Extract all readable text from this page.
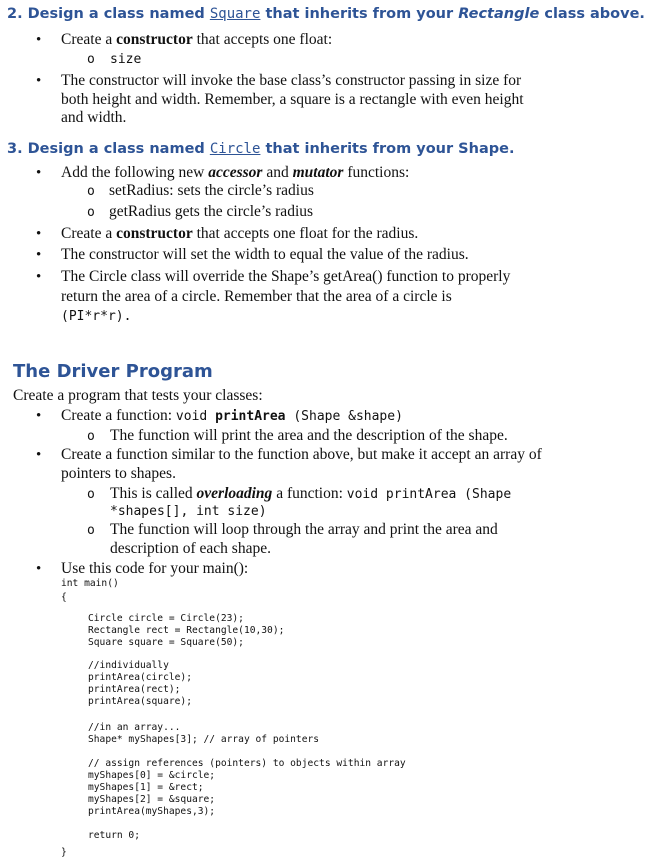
2. Design a class named Square that inherits from your Rectangle class above.
• Create a constructor that accepts one float:
o size
• The constructor will invoke the base class’s constructor passing in size for
both height and width. Remember, a square is a rectangle with even height
and width.
3. Design a class named Circle that inherits from your Shape.
• Add the following new accessor and mutator functions:
o setRadius: sets the circle’s radius
o getRadius gets the circle’s radius
• Create a constructor that accepts one float for the radius.
• The constructor will set the width to equal the value of the radius.
• The Circle class will override the Shape’s getArea() function to properly
return the area of a circle. Remember that the area of a circle is
(PI*r*r).
The Driver Program
Create a program that tests your classes:
• Create a function: void printArea (Shape &shape)
o The function will print the area and the description of the shape.
• Create a function similar to the function above, but make it accept an array of
pointers to shapes.
o This is called overloading a function: void printArea (Shape
*shapes[], int size)
o The function will loop through the array and print the area and
description of each shape.
• Use this code for your main():
int main()
{
Circle circle = Circle(23);
Rectangle rect = Rectangle(10,30);
Square square = Square(50);
//individually
printArea(circle);
printArea(rect);
printArea(square);
//in an array...
Shape* myShapes[3]; // array of pointers
// assign references (pointers) to objects within array
myShapes[0] = &circle;
myShapes[1] = &rect;
myShapes[2] = &square;
printArea(myShapes,3);
return 0;
}
